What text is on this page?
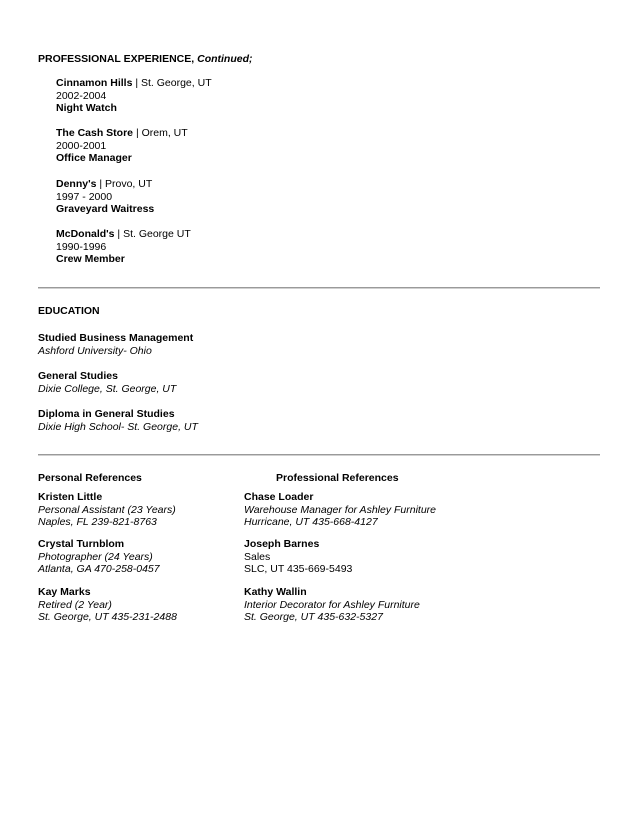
PROFESSIONAL EXPERIENCE, Continued;
Cinnamon Hills | St. George, UT
2002-2004
Night Watch
The Cash Store | Orem, UT
2000-2001
Office Manager
Denny's | Provo, UT
1997 - 2000
Graveyard Waitress
McDonald's | St. George UT
1990-1996
Crew Member
EDUCATION
Studied Business Management
Ashford University- Ohio
General Studies
Dixie College, St. George, UT
Diploma in General Studies
Dixie High School- St. George, UT
Personal References	Professional References
Kristen Little
Personal Assistant (23 Years)
Naples, FL 239-821-8763
Crystal Turnblom
Photographer (24 Years)
Atlanta, GA 470-258-0457
Kay Marks
Retired (2 Year)
St. George, UT 435-231-2488
Chase Loader
Warehouse Manager for Ashley Furniture
Hurricane, UT 435-668-4127
Joseph Barnes
Sales
SLC, UT 435-669-5493
Kathy Wallin
Interior Decorator for Ashley Furniture
St. George, UT 435-632-5327
